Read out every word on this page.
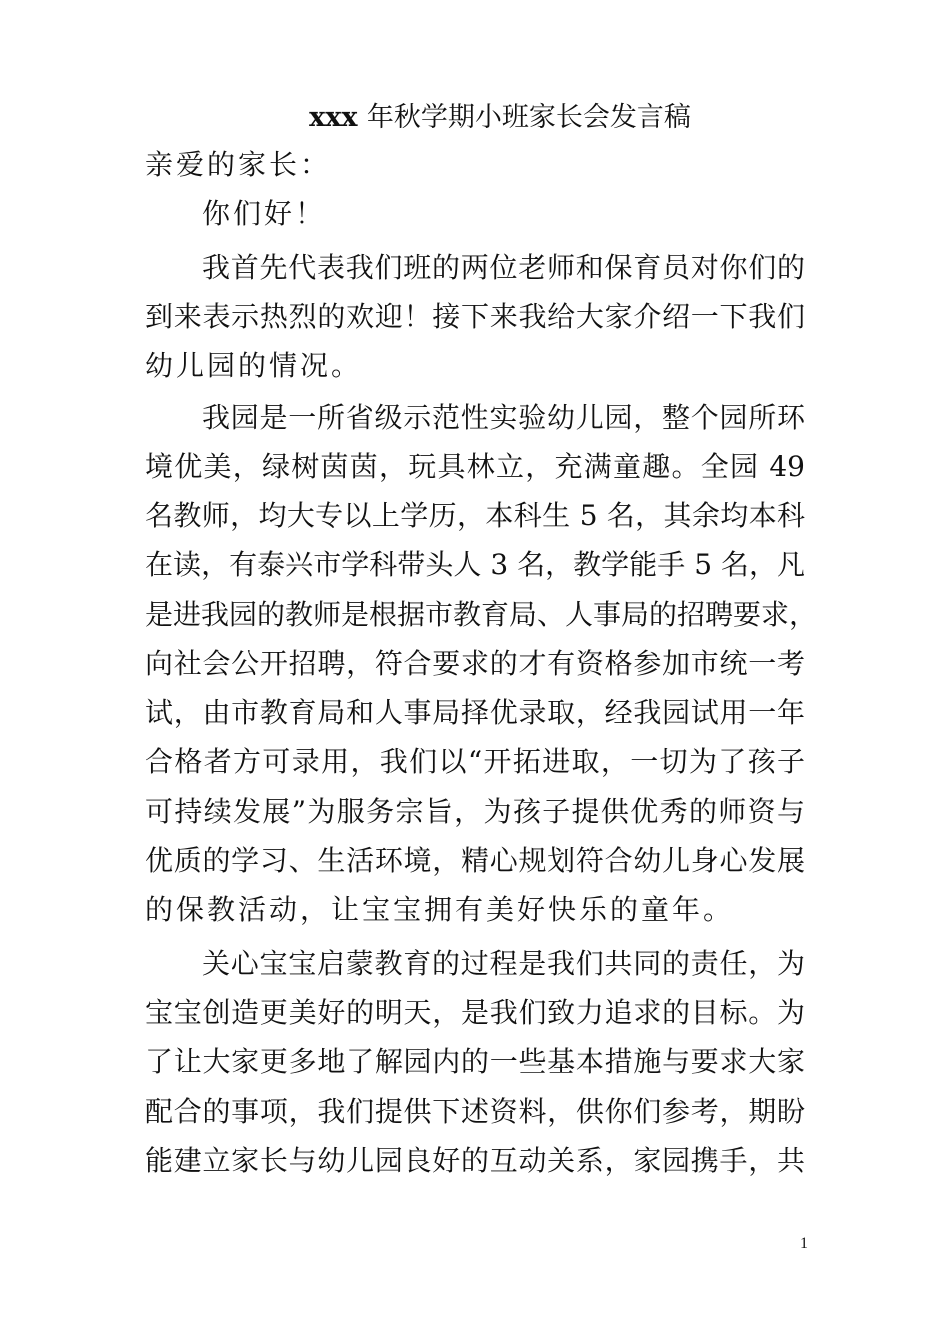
xxx 年秋学期小班家长会发言稿
亲爱的家长：
你们好！
我首先代表我们班的两位老师和保育员对你们的
到来表示热烈的欢迎！接下来我给大家介绍一下我们
幼儿园的情况。
我园是一所省级示范性实验幼儿园，整个园所环
境优美，绿树茵茵，玩具林立，充满童趣。全园 49
名教师，均大专以上学历，本科生 5 名，其余均本科
在读，有泰兴市学科带头人 3 名，教学能手 5 名，凡
是进我园的教师是根据市教育局、人事局的招聘要求，
向社会公开招聘，符合要求的才有资格参加市统一考
试，由市教育局和人事局择优录取，经我园试用一年
合格者方可录用，我们以“开拓进取，一切为了孩子
可持续发展”为服务宗旨，为孩子提供优秀的师资与
优质的学习、生活环境，精心规划符合幼儿身心发展
的保教活动，让宝宝拥有美好快乐的童年。
关心宝宝启蒙教育的过程是我们共同的责任，为
宝宝创造更美好的明天，是我们致力追求的目标。为
了让大家更多地了解园内的一些基本措施与要求大家
配合的事项，我们提供下述资料，供你们参考，期盼
能建立家长与幼儿园良好的互动关系，家园携手，共
1
